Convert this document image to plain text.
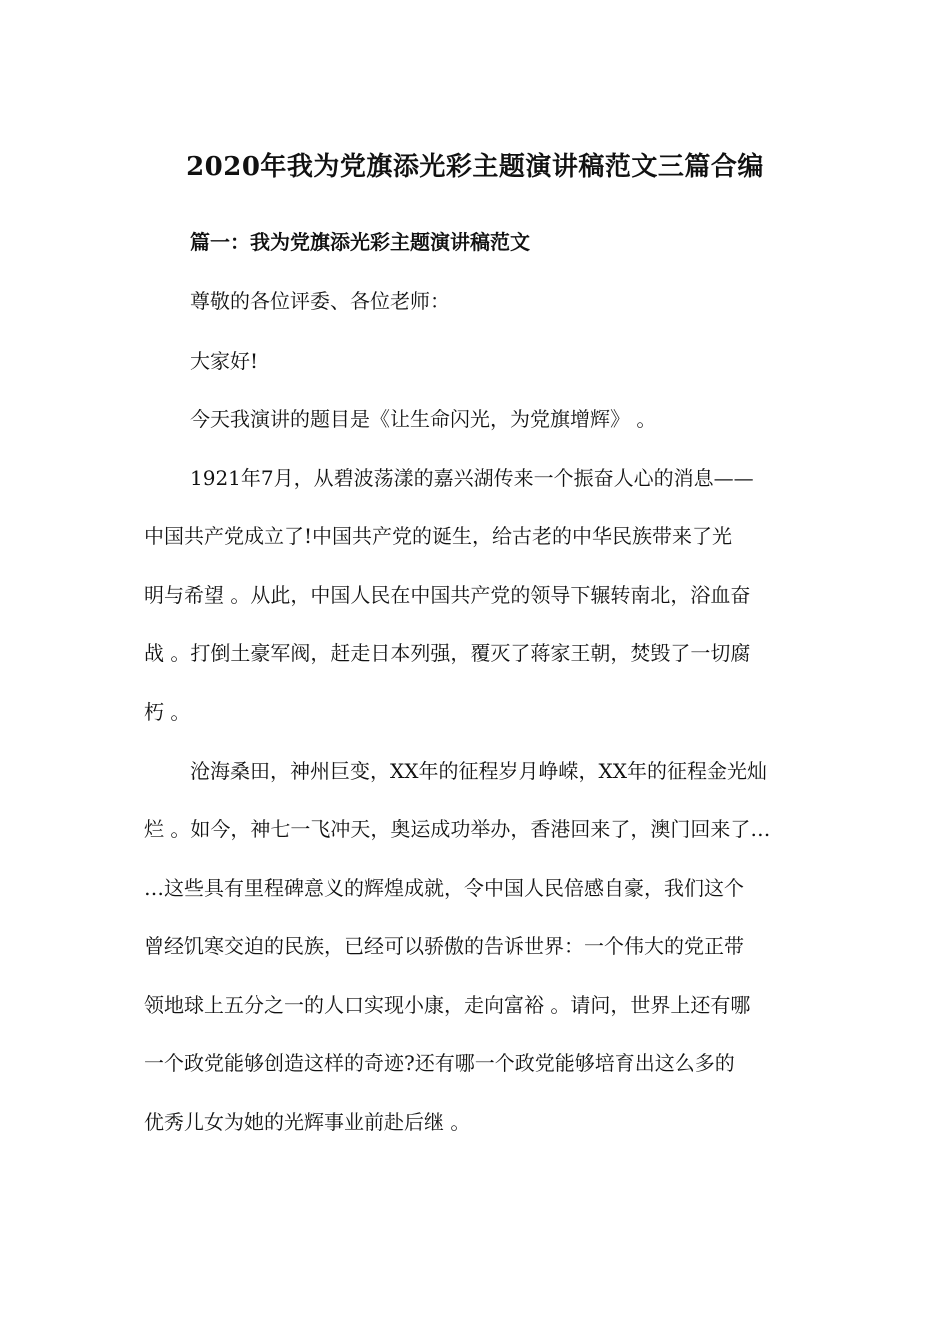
2020年我为党旗添光彩主题演讲稿范文三篇合编
篇一：我为党旗添光彩主题演讲稿范文
尊敬的各位评委、各位老师：
大家好!
今天我演讲的题目是《让生命闪光，为党旗增辉》 。
1921年7月，从碧波荡漾的嘉兴湖传来一个振奋人心的消息——
中国共产党成立了!中国共产党的诞生，给古老的中华民族带来了光
明与希望 。从此，中国人民在中国共产党的领导下辗转南北，浴血奋
战 。打倒土豪军阀，赶走日本列强，覆灭了蒋家王朝，焚毁了一切腐
朽 。
沧海桑田，神州巨变，XX年的征程岁月峥嵘，XX年的征程金光灿
烂 。如今，神七一飞冲天，奥运成功举办，香港回来了，澳门回来了…
…这些具有里程碑意义的辉煌成就，令中国人民倍感自豪，我们这个
曾经饥寒交迫的民族，已经可以骄傲的告诉世界：一个伟大的党正带
领地球上五分之一的人口实现小康，走向富裕 。请问，世界上还有哪
一个政党能够创造这样的奇迹?还有哪一个政党能够培育出这么多的
优秀儿女为她的光辉事业前赴后继 。
